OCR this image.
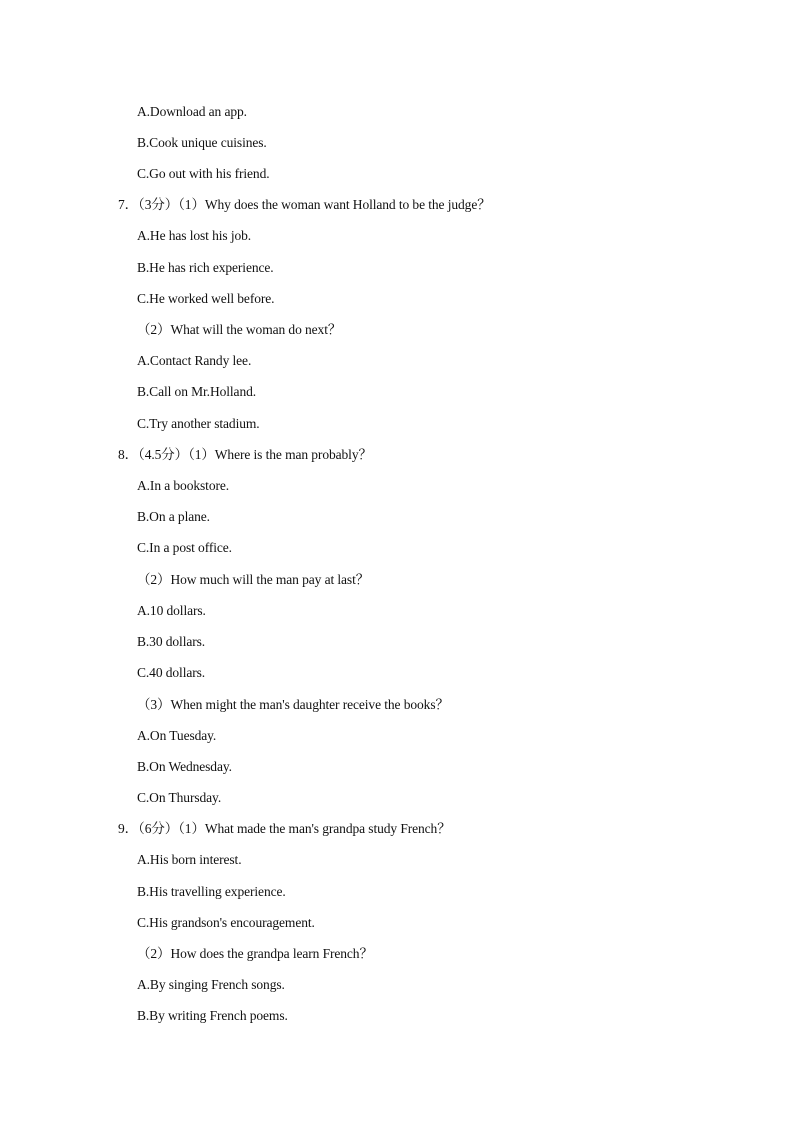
A.Download an app.
B.Cook unique cuisines.
C.Go out with his friend.
7．（3分）（1）Why does the woman want Holland to be the judge？
A.He has lost his job.
B.He has rich experience.
C.He worked well before.
（2）What will the woman do next？
A.Contact Randy lee.
B.Call on Mr.Holland.
C.Try another stadium.
8．（4.5分）（1）Where is the man probably？
A.In a bookstore.
B.On a plane.
C.In a post office.
（2）How much will the man pay at last？
A.10 dollars.
B.30 dollars.
C.40 dollars.
（3）When might the man's daughter receive the books？
A.On Tuesday.
B.On Wednesday.
C.On Thursday.
9．（6分）（1）What made the man's grandpa study French？
A.His born interest.
B.His travelling experience.
C.His grandson's encouragement.
（2）How does the grandpa learn French？
A.By singing French songs.
B.By writing French poems.
